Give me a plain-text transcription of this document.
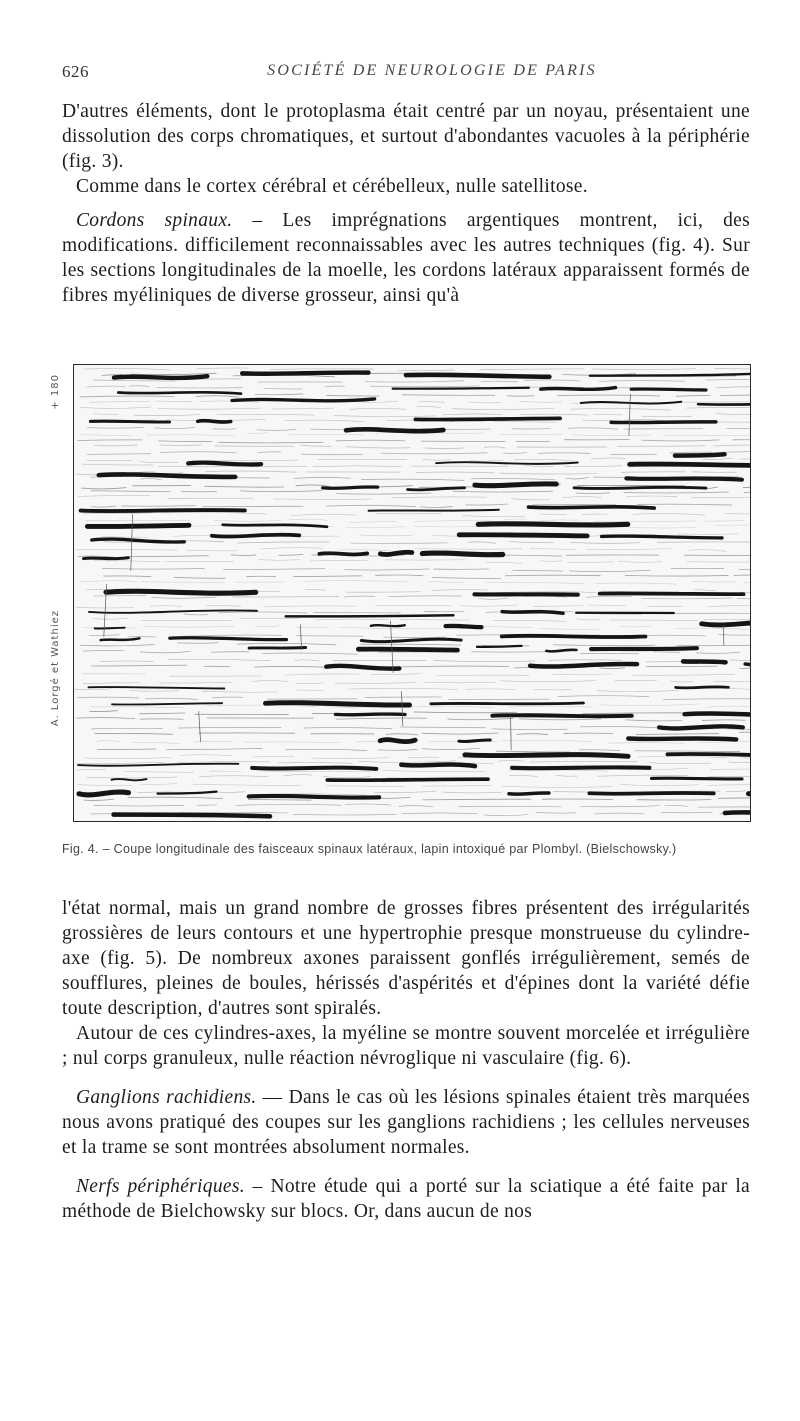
626	SOCIÉTÉ DE NEUROLOGIE DE PARIS

D'autres éléments, dont le protoplasma était centré par un noyau, présentaient une dissolution des corps chromatiques, et surtout d'abondantes vacuoles à la périphérie (fig. 3).

Comme dans le cortex cérébral et cérébelleux, nulle satellitose.

Cordons spinaux. – Les imprégnations argentiques montrent, ici, des modifications. difficilement reconnaissables avec les autres techniques (fig. 4). Sur les sections longitudinales de la moelle, les cordons latéraux apparaissent formés de fibres myéliniques de diverse grosseur, ainsi qu'à

+ 180
A. Lorgé et Wathiez
Fig. 4. – Coupe longitudinale des faisceaux spinaux latéraux, lapin intoxiqué par Plombyl. (Bielschowsky.)

l'état normal, mais un grand nombre de grosses fibres présentent des irrégularités grossières de leurs contours et une hypertrophie presque monstrueuse du cylindre-axe (fig. 5). De nombreux axones paraissent gonflés irrégulièrement, semés de soufflures, pleines de boules, hérissés d'aspérités et d'épines dont la variété défie toute description, d'autres sont spiralés.

Autour de ces cylindres-axes, la myéline se montre souvent morcelée et irrégulière ; nul corps granuleux, nulle réaction névroglique ni vasculaire (fig. 6).

Ganglions rachidiens. — Dans le cas où les lésions spinales étaient très marquées nous avons pratiqué des coupes sur les ganglions rachidiens ; les cellules nerveuses et la trame se sont montrées absolument normales.

Nerfs périphériques. – Notre étude qui a porté sur la sciatique a été faite par la méthode de Bielchowsky sur blocs. Or, dans aucun de nos
